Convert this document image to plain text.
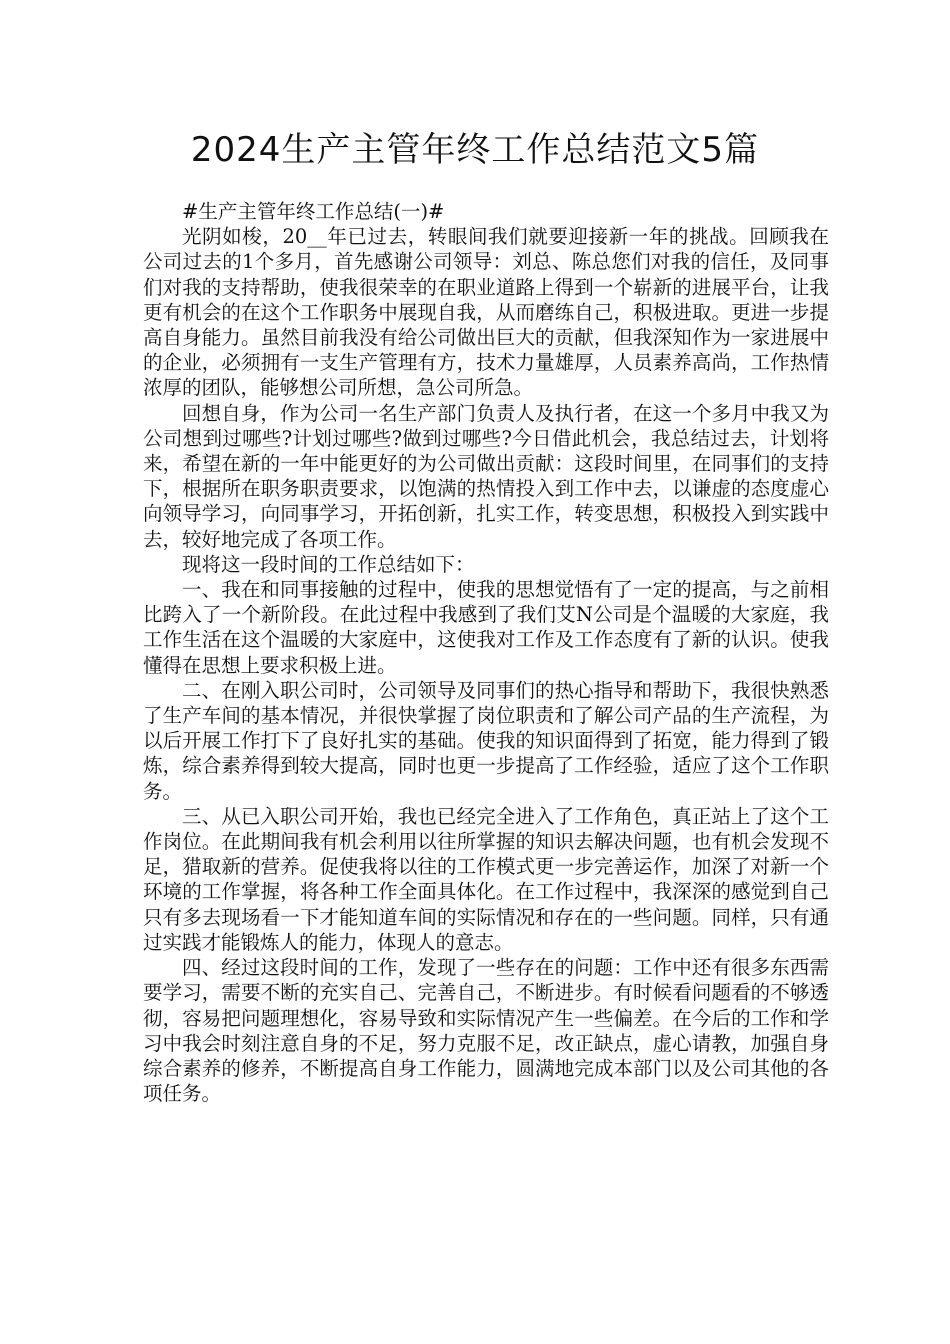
2024生产主管年终工作总结范文5篇

#生产主管年终工作总结(一)#

光阴如梭，20__年已过去，转眼间我们就要迎接新一年的挑战。回顾我在公司过去的1个多月，首先感谢公司领导：刘总、陈总您们对我的信任，及同事们对我的支持帮助，使我很荣幸的在职业道路上得到一个崭新的进展平台，让我更有机会的在这个工作职务中展现自我，从而磨练自己，积极进取。更进一步提高自身能力。虽然目前我没有给公司做出巨大的贡献，但我深知作为一家进展中的企业，必须拥有一支生产管理有方，技术力量雄厚，人员素养高尚，工作热情浓厚的团队，能够想公司所想，急公司所急。

回想自身，作为公司一名生产部门负责人及执行者，在这一个多月中我又为公司想到过哪些?计划过哪些?做到过哪些?今日借此机会，我总结过去，计划将来，希望在新的一年中能更好的为公司做出贡献：这段时间里，在同事们的支持下，根据所在职务职责要求，以饱满的热情投入到工作中去，以谦虚的态度虚心向领导学习，向同事学习，开拓创新，扎实工作，转变思想，积极投入到实践中去，较好地完成了各项工作。

现将这一段时间的工作总结如下：

一、我在和同事接触的过程中，使我的思想觉悟有了一定的提高，与之前相比跨入了一个新阶段。在此过程中我感到了我们艾N公司是个温暖的大家庭，我工作生活在这个温暖的大家庭中，这使我对工作及工作态度有了新的认识。使我懂得在思想上要求积极上进。

二、在刚入职公司时，公司领导及同事们的热心指导和帮助下，我很快熟悉了生产车间的基本情况，并很快掌握了岗位职责和了解公司产品的生产流程，为以后开展工作打下了良好扎实的基础。使我的知识面得到了拓宽，能力得到了锻炼，综合素养得到较大提高，同时也更一步提高了工作经验，适应了这个工作职务。

三、从已入职公司开始，我也已经完全进入了工作角色，真正站上了这个工作岗位。在此期间我有机会利用以往所掌握的知识去解决问题，也有机会发现不足，猎取新的营养。促使我将以往的工作模式更一步完善运作，加深了对新一个环境的工作掌握，将各种工作全面具体化。在工作过程中，我深深的感觉到自己只有多去现场看一下才能知道车间的实际情况和存在的一些问题。同样，只有通过实践才能锻炼人的能力，体现人的意志。

四、经过这段时间的工作，发现了一些存在的问题：工作中还有很多东西需要学习，需要不断的充实自己、完善自己，不断进步。有时候看问题看的不够透彻，容易把问题理想化，容易导致和实际情况产生一些偏差。在今后的工作和学习中我会时刻注意自身的不足，努力克服不足，改正缺点，虚心请教，加强自身综合素养的修养，不断提高自身工作能力，圆满地完成本部门以及公司其他的各项任务。
